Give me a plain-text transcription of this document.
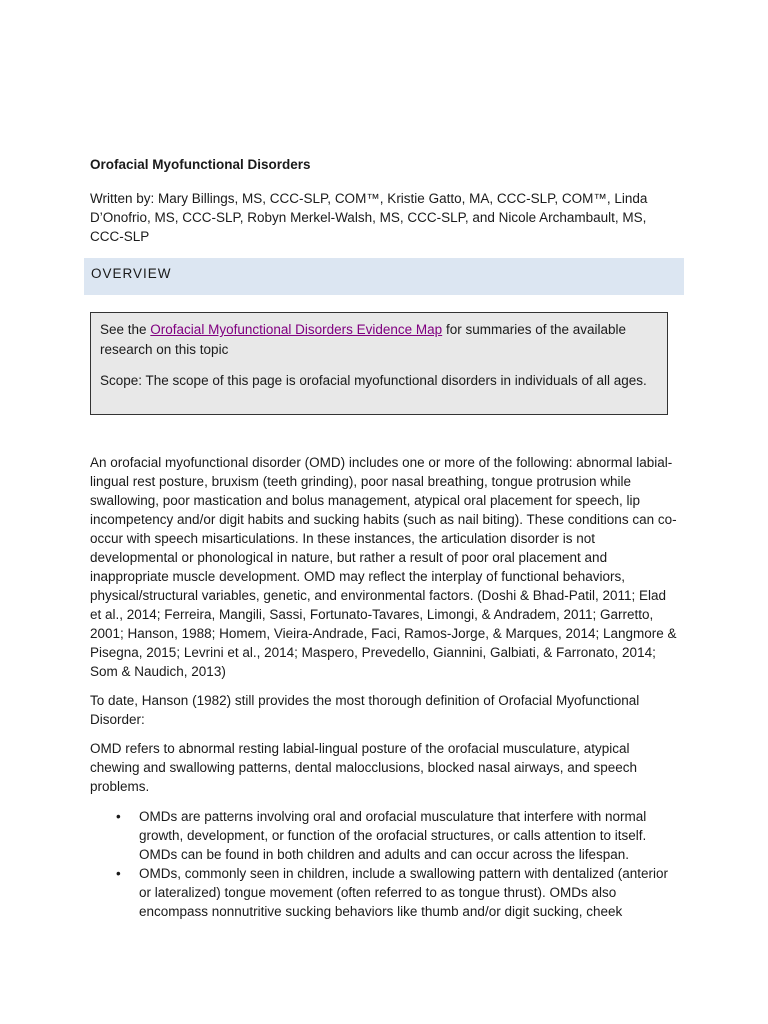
Orofacial Myofunctional Disorders

Written by: Mary Billings, MS, CCC-SLP, COM™, Kristie Gatto, MA, CCC-SLP, COM™, Linda D’Onofrio, MS, CCC-SLP, Robyn Merkel-Walsh, MS, CCC-SLP, and Nicole Archambault, MS, CCC-SLP

OVERVIEW

See the Orofacial Myofunctional Disorders Evidence Map for summaries of the available research on this topic

Scope: The scope of this page is orofacial myofunctional disorders in individuals of all ages.

An orofacial myofunctional disorder (OMD) includes one or more of the following: abnormal labial-lingual rest posture, bruxism (teeth grinding), poor nasal breathing, tongue protrusion while swallowing, poor mastication and bolus management, atypical oral placement for speech, lip incompetency and/or digit habits and sucking habits (such as nail biting). These conditions can co-occur with speech misarticulations. In these instances, the articulation disorder is not developmental or phonological in nature, but rather a result of poor oral placement and inappropriate muscle development. OMD may reflect the interplay of functional behaviors, physical/structural variables, genetic, and environmental factors. (Doshi & Bhad-Patil, 2011; Elad et al., 2014; Ferreira, Mangili, Sassi, Fortunato-Tavares, Limongi, & Andradem, 2011; Garretto, 2001; Hanson, 1988; Homem, Vieira-Andrade, Faci, Ramos-Jorge, & Marques, 2014; Langmore & Pisegna, 2015; Levrini et al., 2014; Maspero, Prevedello, Giannini, Galbiati, & Farronato, 2014; Som & Naudich, 2013)

To date, Hanson (1982) still provides the most thorough definition of Orofacial Myofunctional Disorder:

OMD refers to abnormal resting labial-lingual posture of the orofacial musculature, atypical chewing and swallowing patterns, dental malocclusions, blocked nasal airways, and speech problems.

• OMDs are patterns involving oral and orofacial musculature that interfere with normal growth, development, or function of the orofacial structures, or calls attention to itself. OMDs can be found in both children and adults and can occur across the lifespan.
• OMDs, commonly seen in children, include a swallowing pattern with dentalized (anterior or lateralized) tongue movement (often referred to as tongue thrust). OMDs also encompass nonnutritive sucking behaviors like thumb and/or digit sucking, cheek
